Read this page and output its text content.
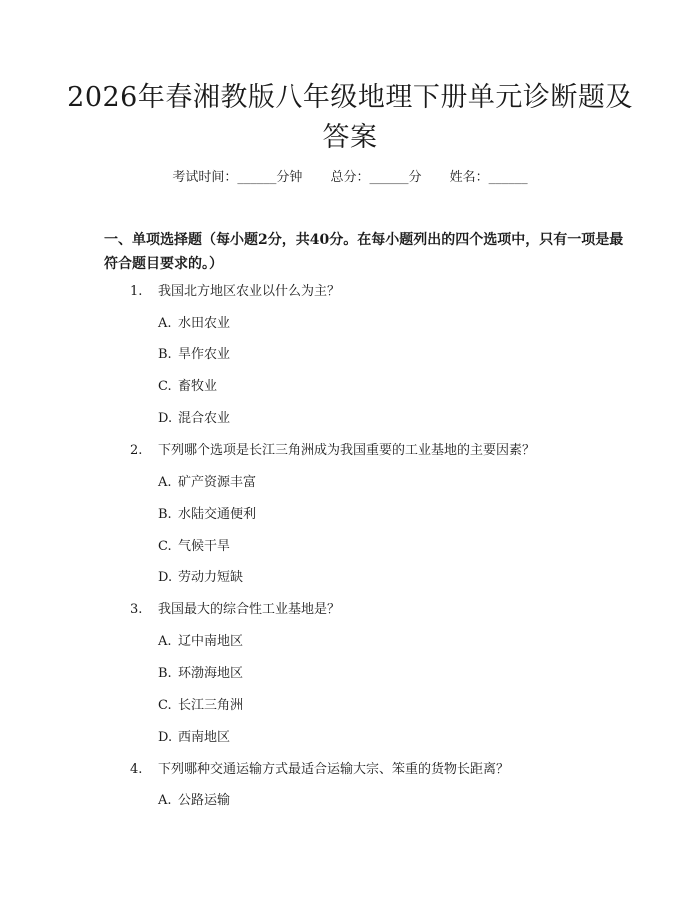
2026年春湘教版八年级地理下册单元诊断题及答案
考试时间：______分钟 总分：______分 姓名：______
一、单项选择题（每小题2分，共40分。在每小题列出的四个选项中，只有一项是最符合题目要求的。）
1. 我国北方地区农业以什么为主？
A. 水田农业
B. 旱作农业
C. 畜牧业
D. 混合农业
2. 下列哪个选项是长江三角洲成为我国重要的工业基地的主要因素？
A. 矿产资源丰富
B. 水陆交通便利
C. 气候干旱
D. 劳动力短缺
3. 我国最大的综合性工业基地是？
A. 辽中南地区
B. 环渤海地区
C. 长江三角洲
D. 西南地区
4. 下列哪种交通运输方式最适合运输大宗、笨重的货物长距离？
A. 公路运输
